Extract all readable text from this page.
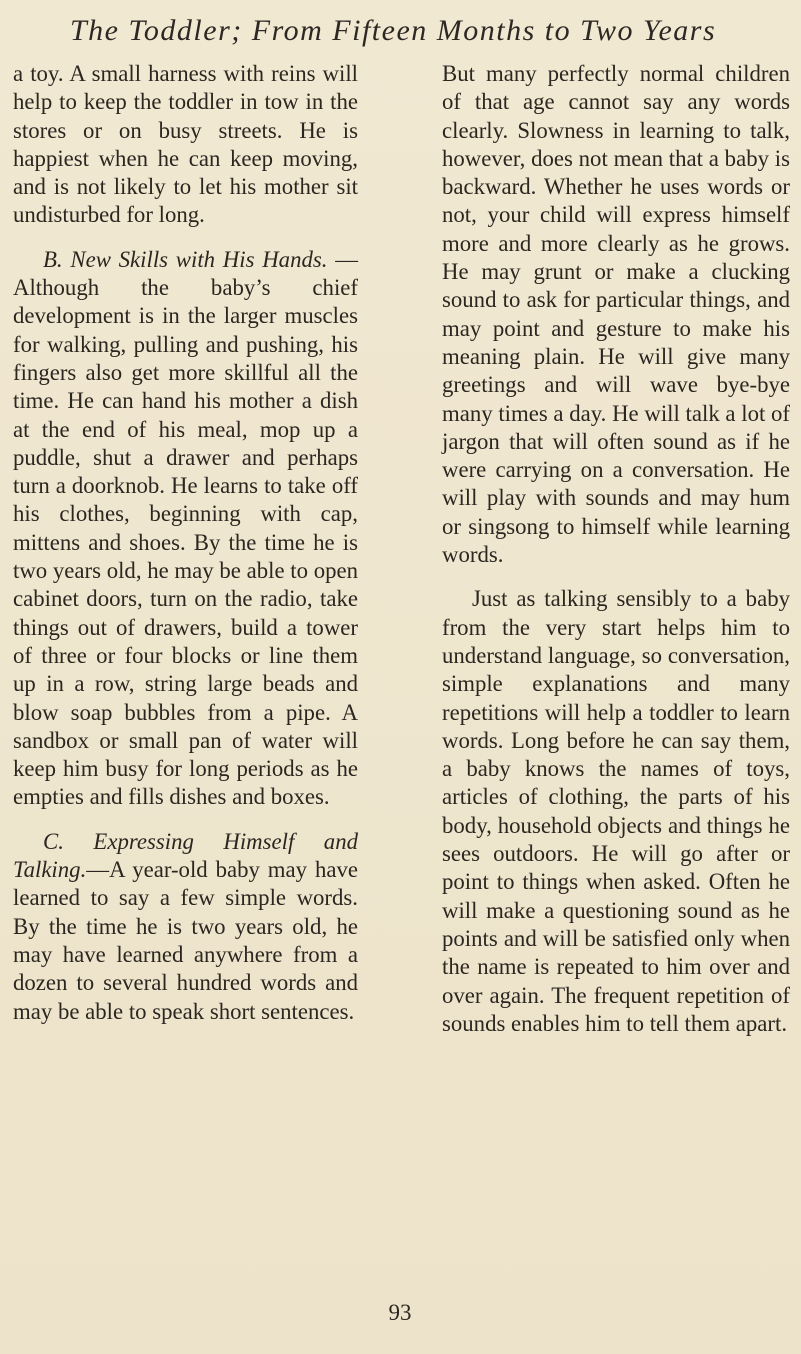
The Toddler; From Fifteen Months to Two Years

a toy. A small harness with reins will help to keep the toddler in tow in the stores or on busy streets. He is happiest when he can keep moving, and is not likely to let his mother sit undisturbed for long.

B. New Skills with His Hands. — Although the baby’s chief development is in the larger muscles for walking, pulling and pushing, his fingers also get more skillful all the time. He can hand his mother a dish at the end of his meal, mop up a puddle, shut a drawer and perhaps turn a doorknob. He learns to take off his clothes, beginning with cap, mittens and shoes. By the time he is two years old, he may be able to open cabinet doors, turn on the radio, take things out of drawers, build a tower of three or four blocks or line them up in a row, string large beads and blow soap bubbles from a pipe. A sandbox or small pan of water will keep him busy for long periods as he empties and fills dishes and boxes.

C. Expressing Himself and Talking.—A year-old baby may have learned to say a few simple words. By the time he is two years old, he may have learned anywhere from a dozen to several hundred words and may be able to speak short sentences.

But many perfectly normal children of that age cannot say any words clearly. Slowness in learning to talk, however, does not mean that a baby is backward. Whether he uses words or not, your child will express himself more and more clearly as he grows. He may grunt or make a clucking sound to ask for particular things, and may point and gesture to make his meaning plain. He will give many greetings and will wave bye-bye many times a day. He will talk a lot of jargon that will often sound as if he were carrying on a conversation. He will play with sounds and may hum or singsong to himself while learning words.

Just as talking sensibly to a baby from the very start helps him to understand language, so conversation, simple explanations and many repetitions will help a toddler to learn words. Long before he can say them, a baby knows the names of toys, articles of clothing, the parts of his body, household objects and things he sees outdoors. He will go after or point to things when asked. Often he will make a questioning sound as he points and will be satisfied only when the name is repeated to him over and over again. The frequent repetition of sounds enables him to tell them apart.

93
